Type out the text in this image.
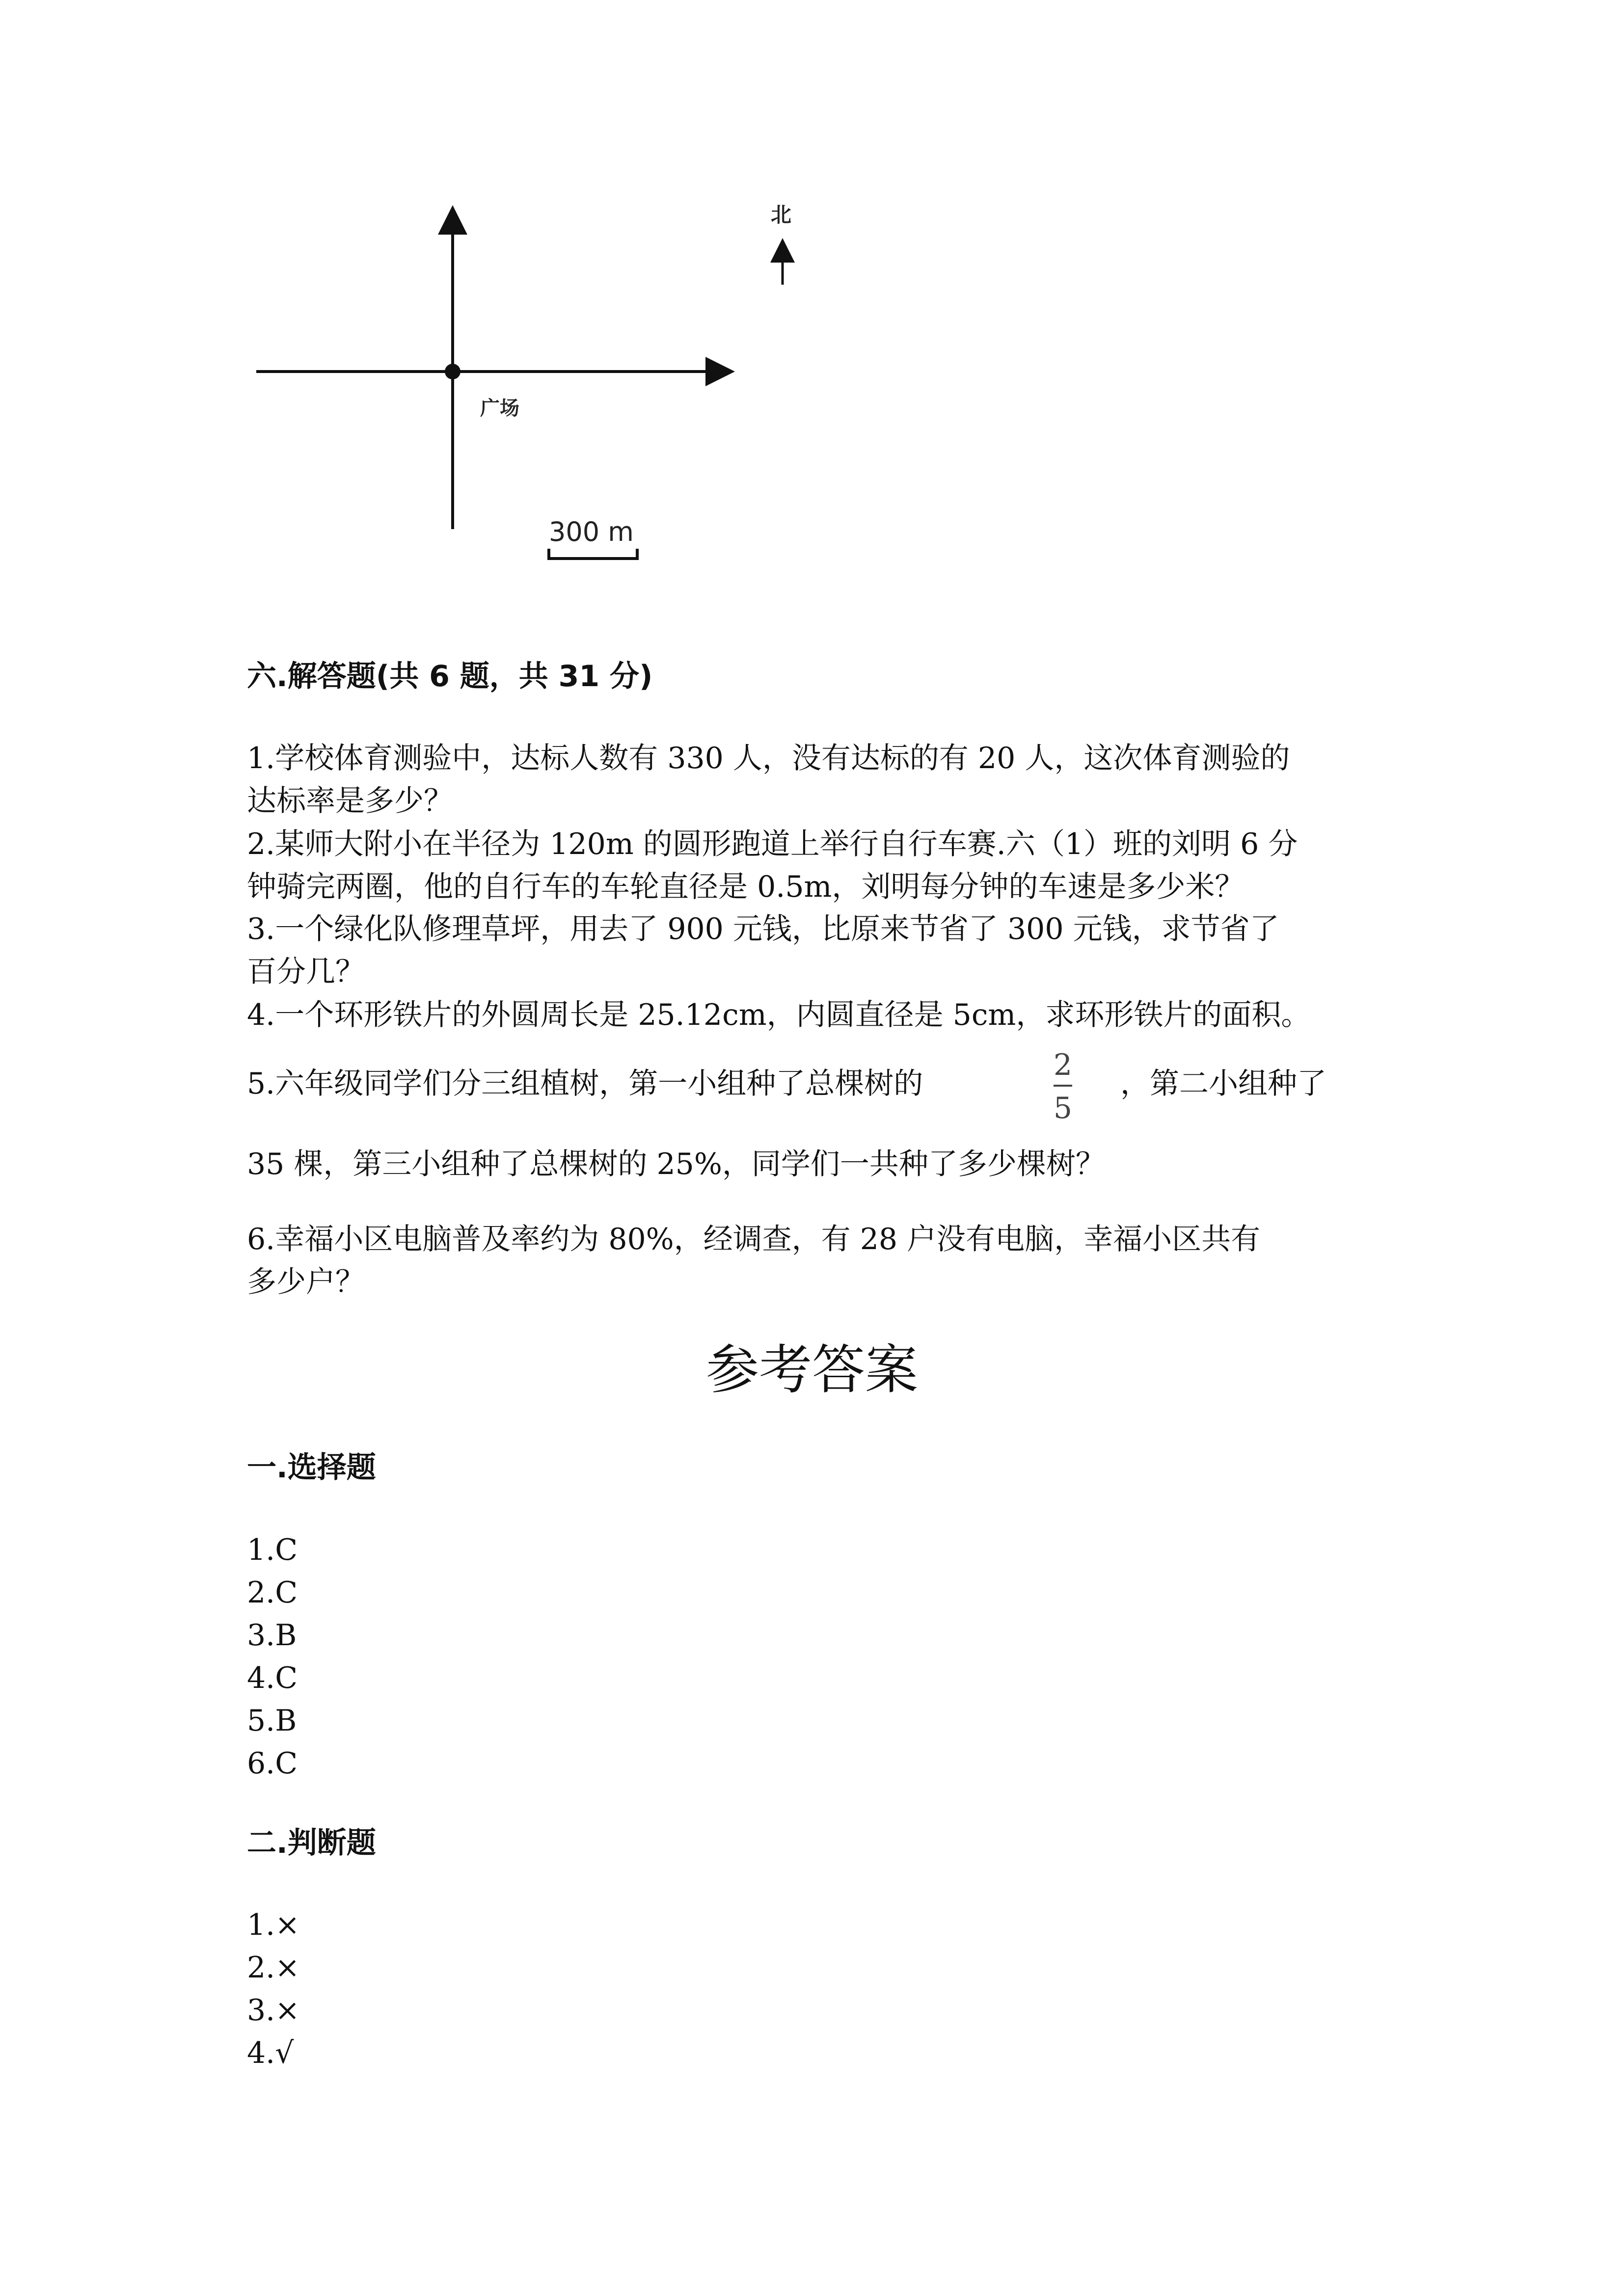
北
广场
300 m
六.解答题(共 6 题，共 31 分)
1.学校体育测验中，达标人数有 330 人，没有达标的有 20 人，这次体育测验的
达标率是多少？
2.某师大附小在半径为 120m 的圆形跑道上举行自行车赛.六（1）班的刘明 6 分
钟骑完两圈，他的自行车的车轮直径是 0.5m，刘明每分钟的车速是多少米？
3.一个绿化队修理草坪，用去了 900 元钱，比原来节省了 300 元钱，求节省了
百分几？
4.一个环形铁片的外圆周长是 25.12cm，内圆直径是 5cm，求环形铁片的面积。
5.六年级同学们分三组植树，第一小组种了总棵树的
2
5
，第二小组种了
35 棵，第三小组种了总棵树的 25%，同学们一共种了多少棵树？
6.幸福小区电脑普及率约为 80%，经调查，有 28 户没有电脑，幸福小区共有
多少户？
参考答案
一.选择题
1.C
2.C
3.B
4.C
5.B
6.C
二.判断题
1.×
2.×
3.×
4.√
